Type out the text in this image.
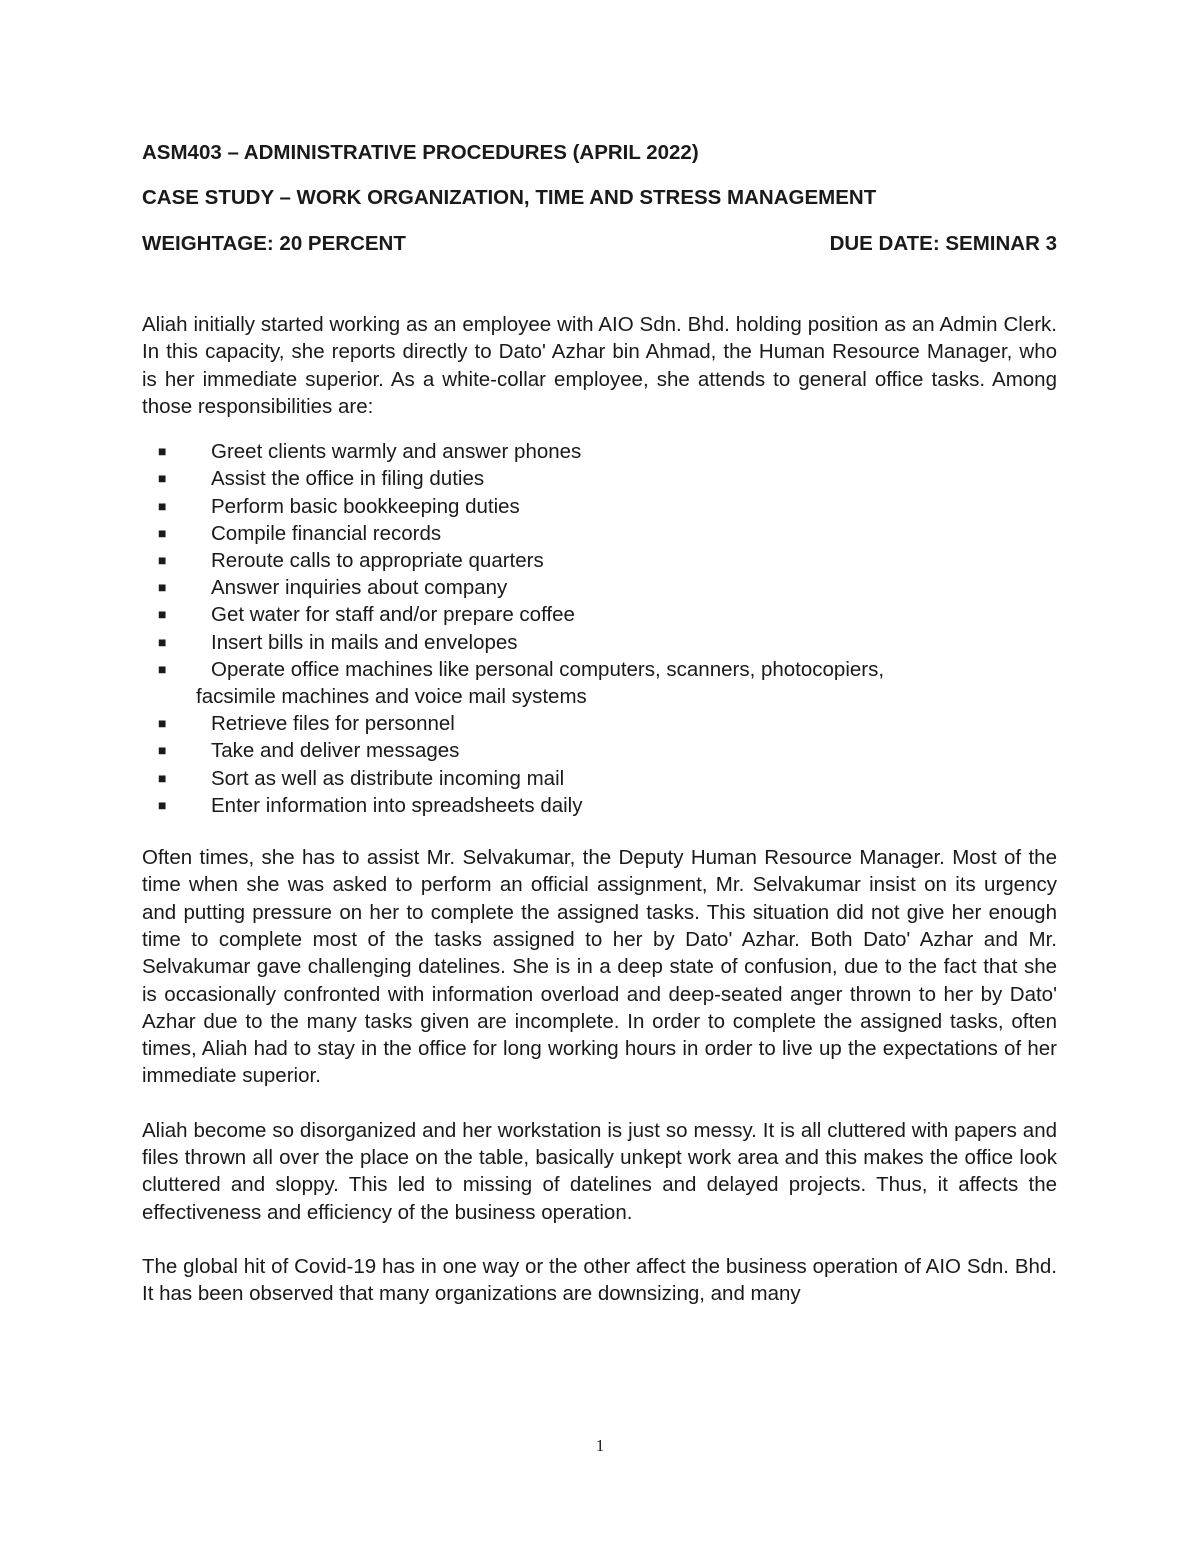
ASM403 – ADMINISTRATIVE PROCEDURES (APRIL 2022)

CASE STUDY – WORK ORGANIZATION, TIME AND STRESS MANAGEMENT

WEIGHTAGE: 20 PERCENT	DUE DATE: SEMINAR 3

Aliah initially started working as an employee with AIO Sdn. Bhd. holding position as an Admin Clerk. In this capacity, she reports directly to Dato' Azhar bin Ahmad, the Human Resource Manager, who is her immediate superior. As a white-collar employee, she attends to general office tasks. Among those responsibilities are:

■ Greet clients warmly and answer phones
■ Assist the office in filing duties
■ Perform basic bookkeeping duties
■ Compile financial records
■ Reroute calls to appropriate quarters
■ Answer inquiries about company
■ Get water for staff and/or prepare coffee
■ Insert bills in mails and envelopes
■ Operate office machines like personal computers, scanners, photocopiers,
facsimile machines and voice mail systems
■ Retrieve files for personnel
■ Take and deliver messages
■ Sort as well as distribute incoming mail
■ Enter information into spreadsheets daily

Often times, she has to assist Mr. Selvakumar, the Deputy Human Resource Manager. Most of the time when she was asked to perform an official assignment, Mr. Selvakumar insist on its urgency and putting pressure on her to complete the assigned tasks. This situation did not give her enough time to complete most of the tasks assigned to her by Dato' Azhar. Both Dato' Azhar and Mr. Selvakumar gave challenging datelines. She is in a deep state of confusion, due to the fact that she is occasionally confronted with information overload and deep-seated anger thrown to her by Dato' Azhar due to the many tasks given are incomplete. In order to complete the assigned tasks, often times, Aliah had to stay in the office for long working hours in order to live up the expectations of her immediate superior.

Aliah become so disorganized and her workstation is just so messy. It is all cluttered with papers and files thrown all over the place on the table, basically unkept work area and this makes the office look cluttered and sloppy. This led to missing of datelines and delayed projects. Thus, it affects the effectiveness and efficiency of the business operation.

The global hit of Covid-19 has in one way or the other affect the business operation of AIO Sdn. Bhd. It has been observed that many organizations are downsizing, and many

1
